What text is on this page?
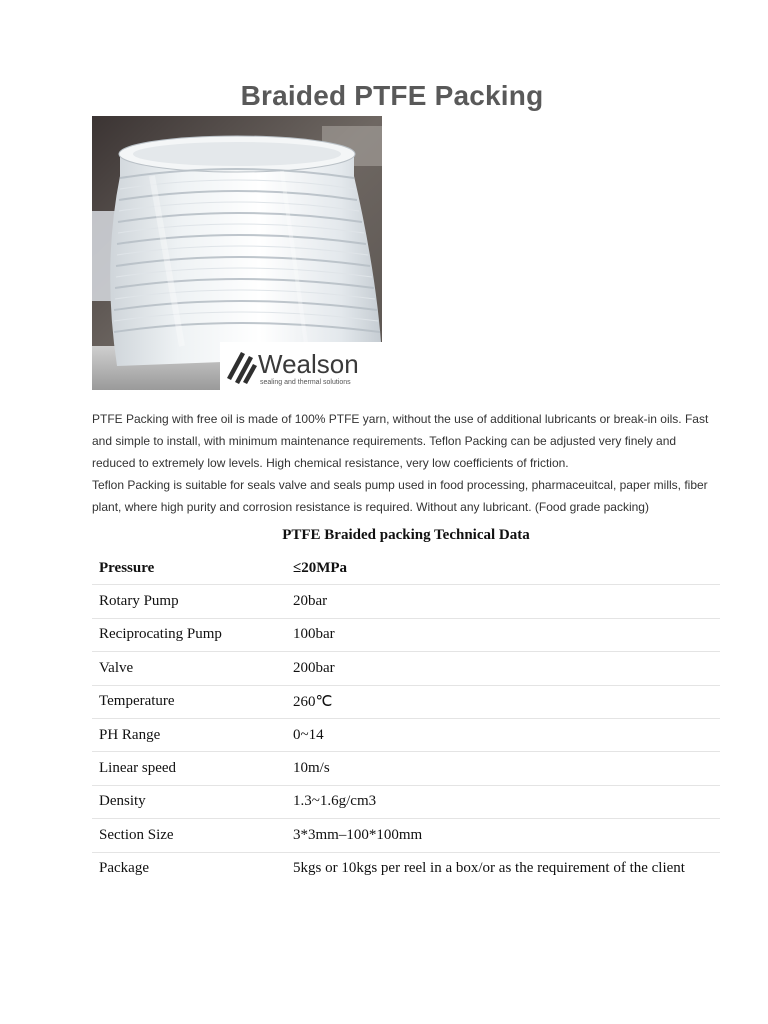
Braided PTFE Packing
Wealson
sealing and thermal solutions

PTFE Packing with free oil is made of 100% PTFE yarn, without the use of additional lubricants or break-in oils. Fast and simple to install, with minimum maintenance requirements. Teflon Packing can be adjusted very finely and reduced to extremely low levels. High chemical resistance, very low coefficients of friction.

Teflon Packing is suitable for seals valve and seals pump used in food processing, pharmaceuitcal, paper mills, fiber plant, where high purity and corrosion resistance is required. Without any lubricant. (Food grade packing)

PTFE Braided packing Technical Data
Pressure	≤20MPa
Rotary Pump	20bar
Reciprocating Pump	100bar
Valve	200bar
Temperature	260℃
PH Range	0~14
Linear speed	10m/s
Density	1.3~1.6g/cm3
Section Size	3*3mm–100*100mm
Package	5kgs or 10kgs per reel in a box/or as the requirement of the client
